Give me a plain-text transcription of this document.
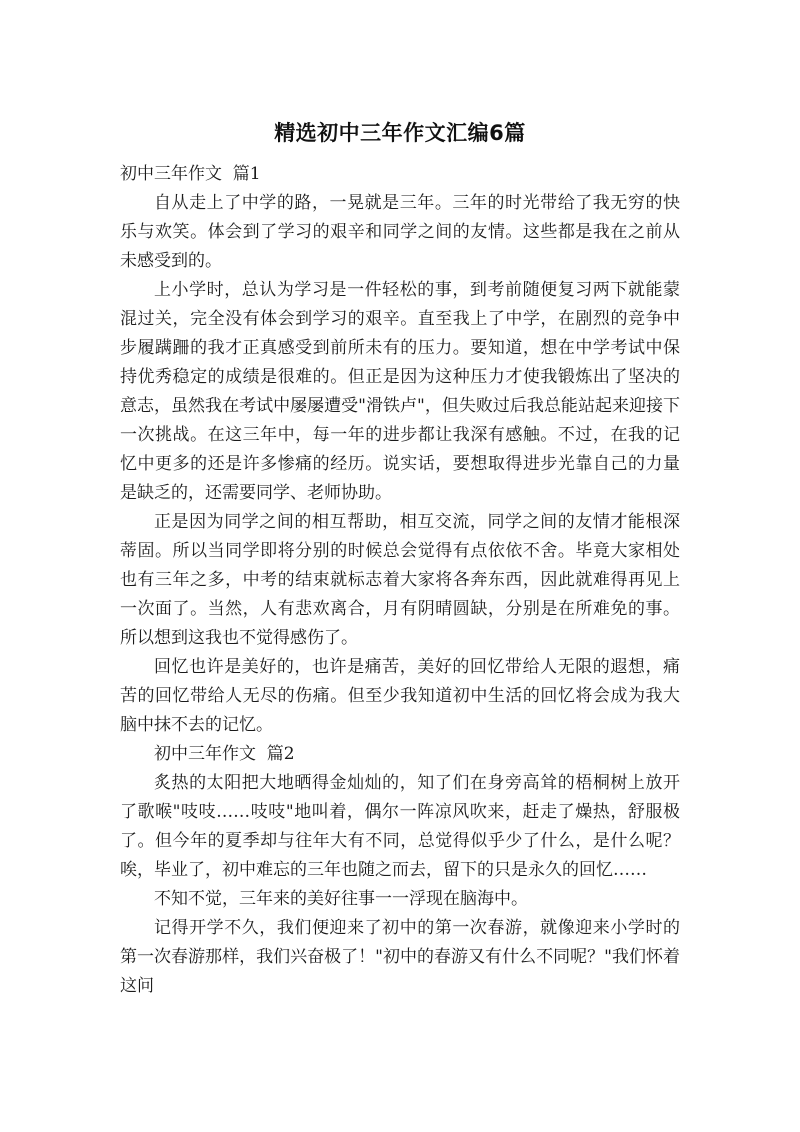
精选初中三年作文汇编6篇

初中三年作文  篇1

自从走上了中学的路，一晃就是三年。三年的时光带给了我无穷的快乐与欢笑。体会到了学习的艰辛和同学之间的友情。这些都是我在之前从未感受到的。

上小学时，总认为学习是一件轻松的事，到考前随便复习两下就能蒙混过关，完全没有体会到学习的艰辛。直至我上了中学，在剧烈的竞争中步履蹒跚的我才正真感受到前所未有的压力。要知道，想在中学考试中保持优秀稳定的成绩是很难的。但正是因为这种压力才使我锻炼出了坚决的意志，虽然我在考试中屡屡遭受"滑铁卢"，但失败过后我总能站起来迎接下一次挑战。在这三年中，每一年的进步都让我深有感触。不过，在我的记忆中更多的还是许多惨痛的经历。说实话，要想取得进步光靠自己的力量是缺乏的，还需要同学、老师协助。

正是因为同学之间的相互帮助，相互交流，同学之间的友情才能根深蒂固。所以当同学即将分别的时候总会觉得有点依依不舍。毕竟大家相处也有三年之多，中考的结束就标志着大家将各奔东西，因此就难得再见上一次面了。当然，人有悲欢离合，月有阴晴圆缺，分别是在所难免的事。所以想到这我也不觉得感伤了。

回忆也许是美好的，也许是痛苦，美好的回忆带给人无限的遐想，痛苦的回忆带给人无尽的伤痛。但至少我知道初中生活的回忆将会成为我大脑中抹不去的记忆。

初中三年作文  篇2

炙热的太阳把大地晒得金灿灿的，知了们在身旁高耸的梧桐树上放开了歌喉"吱吱……吱吱"地叫着，偶尔一阵凉风吹来，赶走了燥热，舒服极了。但今年的夏季却与往年大有不同，总觉得似乎少了什么，是什么呢？唉，毕业了，初中难忘的三年也随之而去，留下的只是永久的回忆……

不知不觉，三年来的美好往事一一浮现在脑海中。

记得开学不久，我们便迎来了初中的第一次春游，就像迎来小学时的第一次春游那样，我们兴奋极了！"初中的春游又有什么不同呢？"我们怀着这问
